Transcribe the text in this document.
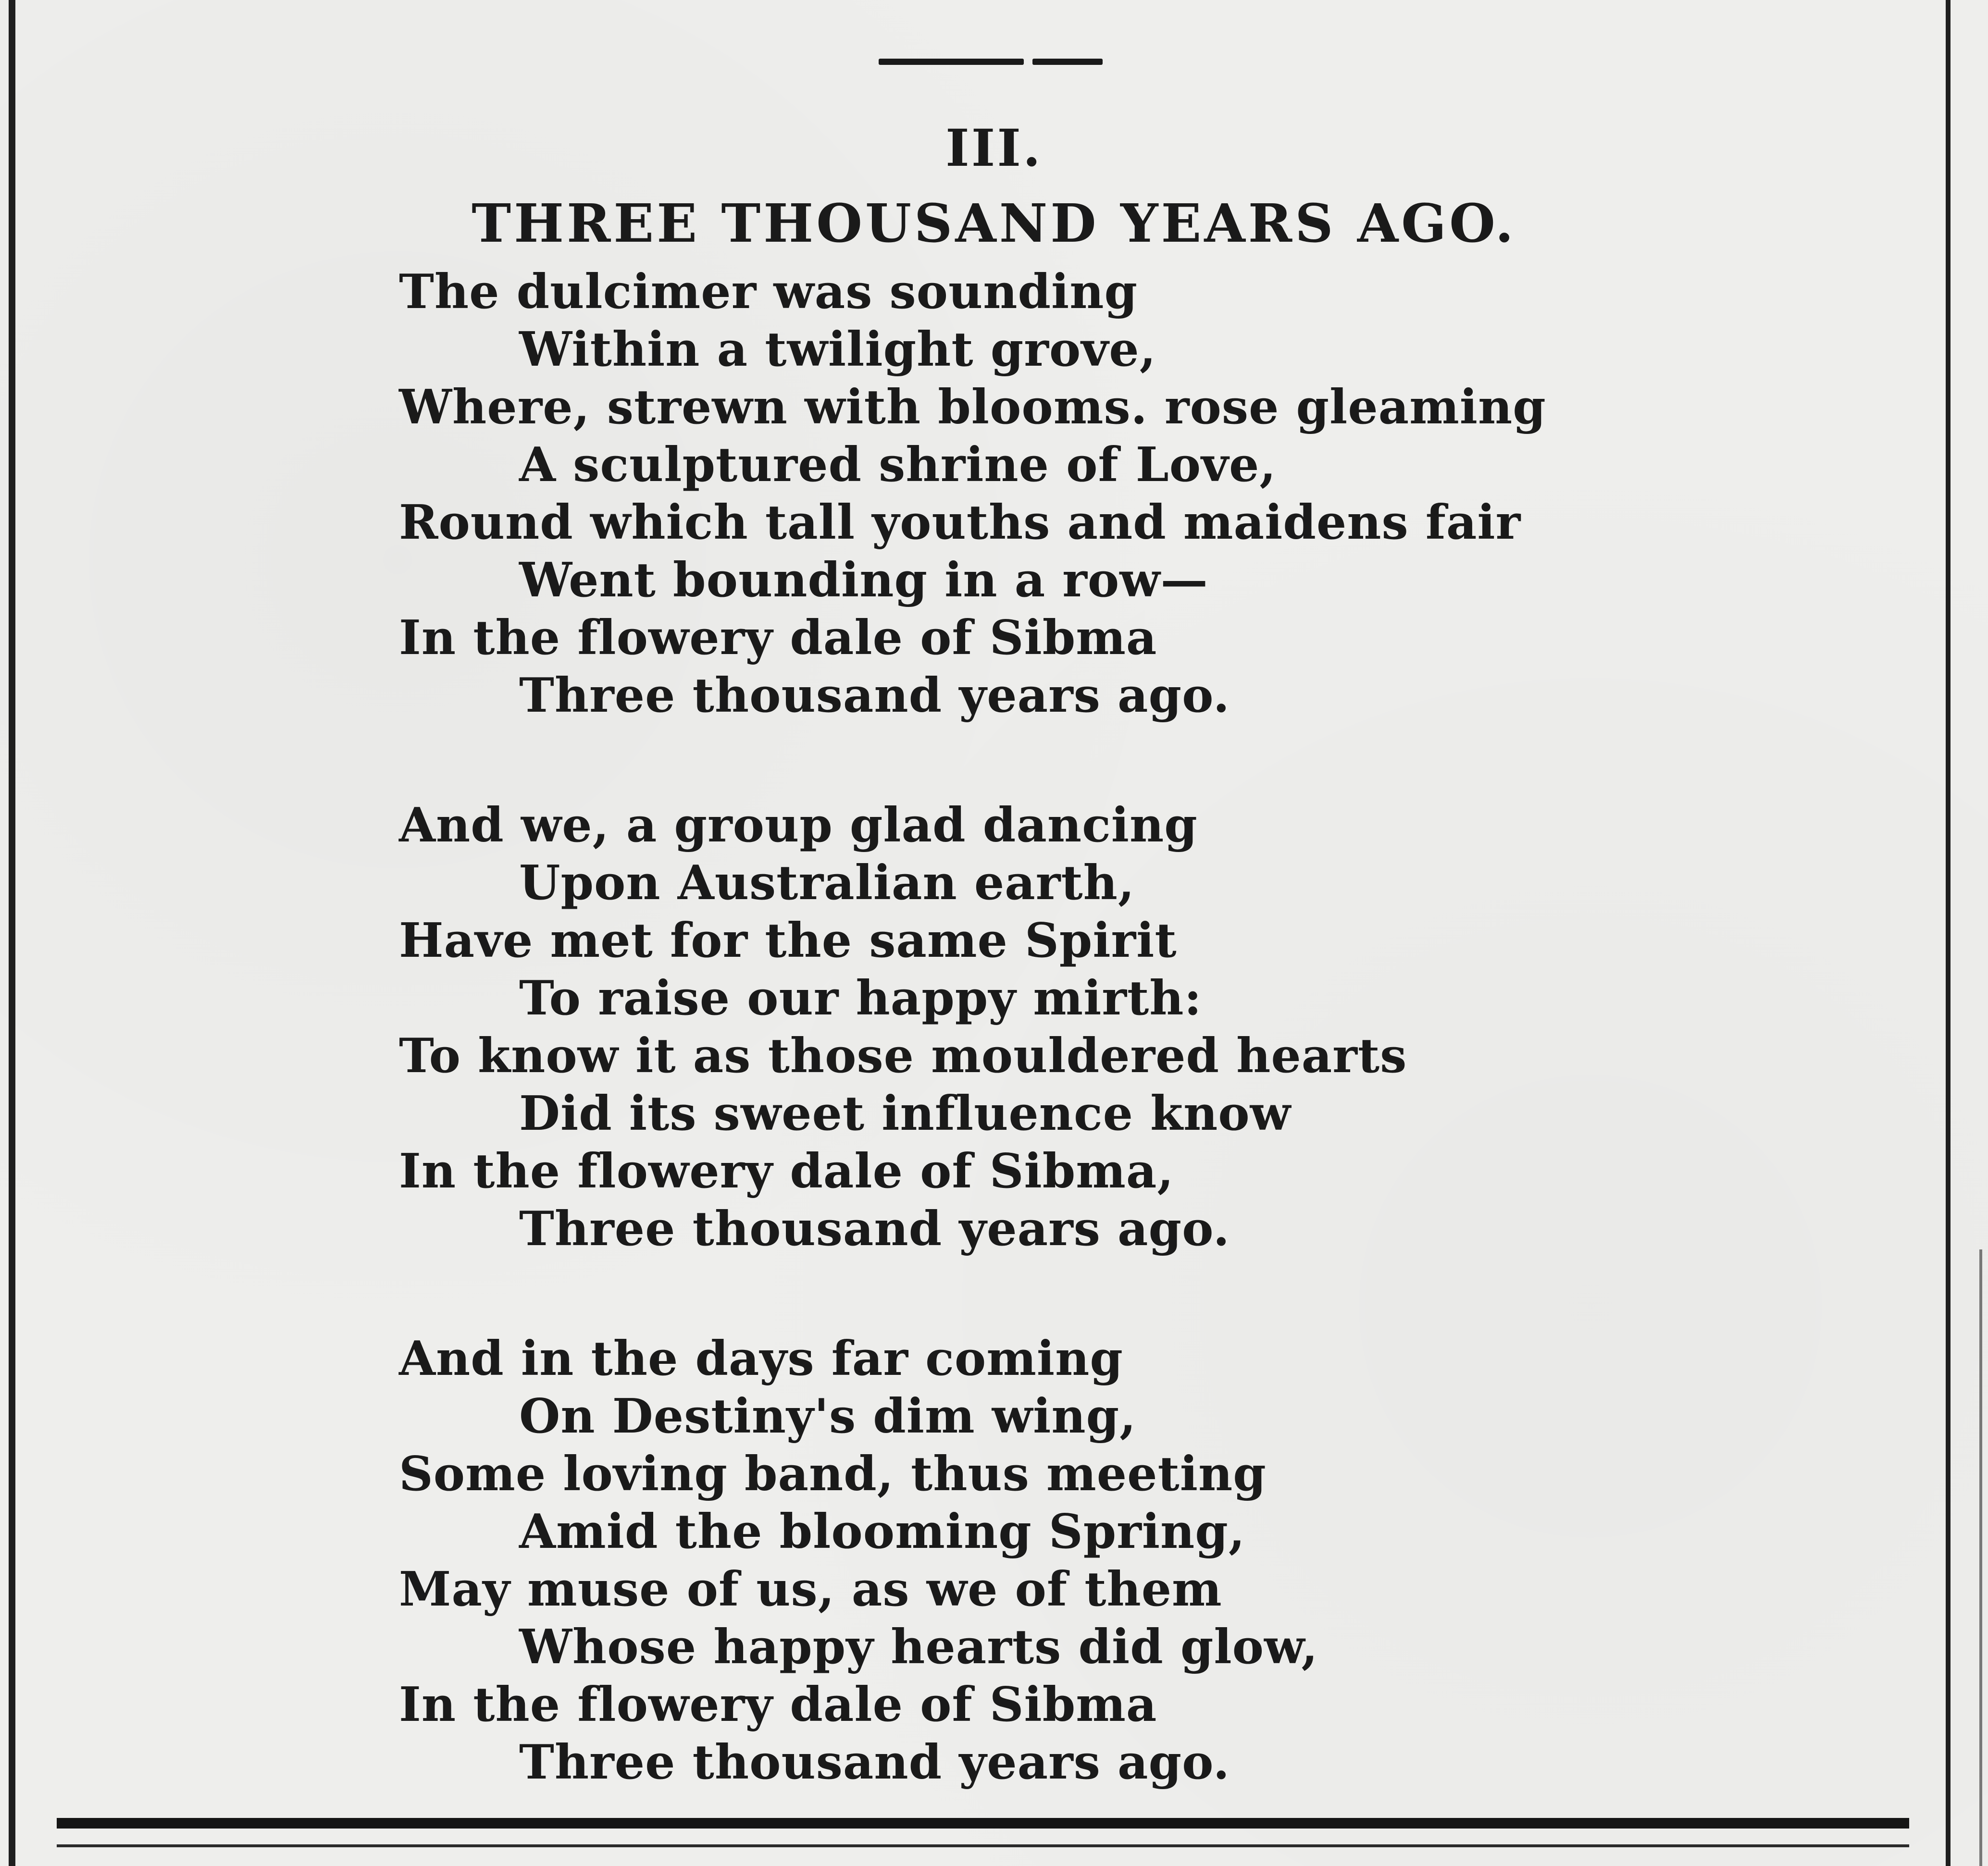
III.
THREE THOUSAND YEARS AGO.
The dulcimer was sounding
Within a twilight grove,
Where, strewn with blooms. rose gleaming
A sculptured shrine of Love,
Round which tall youths and maidens fair
Went bounding in a row—
In the flowery dale of Sibma
Three thousand years ago.
And we, a group glad dancing
Upon Australian earth,
Have met for the same Spirit
To raise our happy mirth:
To know it as those mouldered hearts
Did its sweet influence know
In the flowery dale of Sibma,
Three thousand years ago.
And in the days far coming
On Destiny's dim wing,
Some loving band, thus meeting
Amid the blooming Spring,
May muse of us, as we of them
Whose happy hearts did glow,
In the flowery dale of Sibma
Three thousand years ago.
